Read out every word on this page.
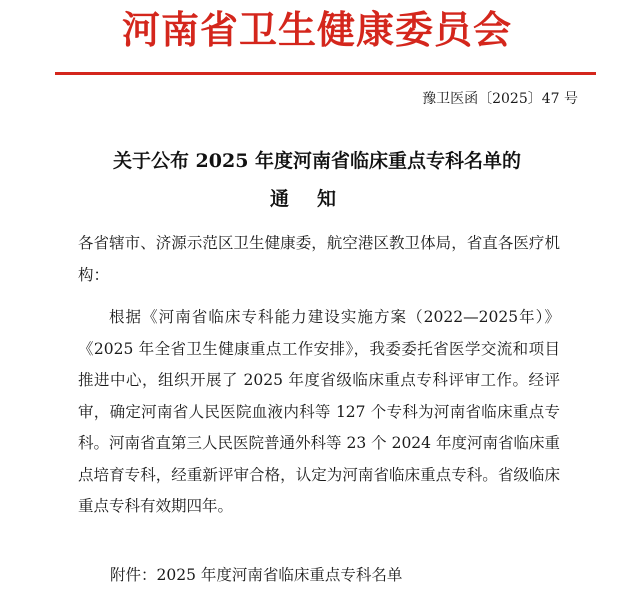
河南省卫生健康委员会
豫卫医函〔2025〕47 号
关于公布 2025 年度河南省临床重点专科名单的
通知
各省辖市、济源示范区卫生健康委，航空港区教卫体局，省直各医疗机构：
根据《河南省临床专科能力建设实施方案（2022—2025年）》《2025 年全省卫生健康重点工作安排》，我委委托省医学交流和项目推进中心，组织开展了 2025 年度省级临床重点专科评审工作。经评审，确定河南省人民医院血液内科等 127 个专科为河南省临床重点专科。河南省直第三人民医院普通外科等 23 个 2024 年度河南省临床重点培育专科，经重新评审合格，认定为河南省临床重点专科。省级临床重点专科有效期四年。
附件：2025 年度河南省临床重点专科名单
